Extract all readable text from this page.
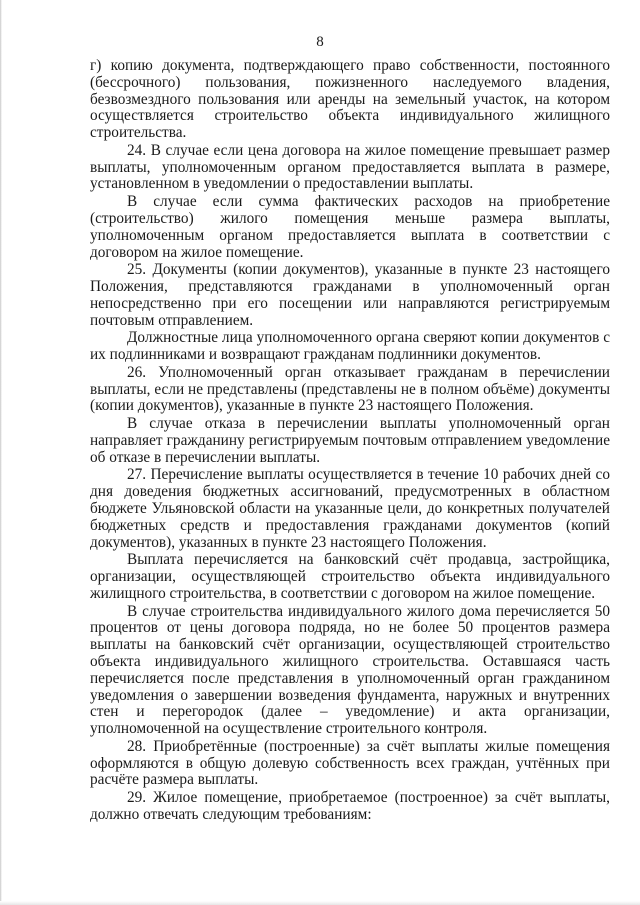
8

г) копию документа, подтверждающего право собственности, постоянного (бессрочного) пользования, пожизненного наследуемого владения, безвозмездного пользования или аренды на земельный участок, на котором осуществляется строительство объекта индивидуального жилищного строительства.

24. В случае если цена договора на жилое помещение превышает размер выплаты, уполномоченным органом предоставляется выплата в размере, установленном в уведомлении о предоставлении выплаты.

В случае если сумма фактических расходов на приобретение (строительство) жилого помещения меньше размера выплаты, уполномоченным органом предоставляется выплата в соответствии с договором на жилое помещение.

25. Документы (копии документов), указанные в пункте 23 настоящего Положения, представляются гражданами в уполномоченный орган непосредственно при его посещении или направляются регистрируемым почтовым отправлением.

Должностные лица уполномоченного органа сверяют копии документов с их подлинниками и возвращают гражданам подлинники документов.

26. Уполномоченный орган отказывает гражданам в перечислении выплаты, если не представлены (представлены не в полном объёме) документы (копии документов), указанные в пункте 23 настоящего Положения.

В случае отказа в перечислении выплаты уполномоченный орган направляет гражданину регистрируемым почтовым отправлением уведомление об отказе в перечислении выплаты.

27. Перечисление выплаты осуществляется в течение 10 рабочих дней со дня доведения бюджетных ассигнований, предусмотренных в областном бюджете Ульяновской области на указанные цели, до конкретных получателей бюджетных средств и предоставления гражданами документов (копий документов), указанных в пункте 23 настоящего Положения.

Выплата перечисляется на банковский счёт продавца, застройщика, организации, осуществляющей строительство объекта индивидуального жилищного строительства, в соответствии с договором на жилое помещение.

В случае строительства индивидуального жилого дома перечисляется 50 процентов от цены договора подряда, но не более 50 процентов размера выплаты на банковский счёт организации, осуществляющей строительство объекта индивидуального жилищного строительства. Оставшаяся часть перечисляется после представления в уполномоченный орган гражданином уведомления о завершении возведения фундамента, наружных и внутренних стен и перегородок (далее – уведомление) и акта организации, уполномоченной на осуществление строительного контроля.

28. Приобретённые (построенные) за счёт выплаты жилые помещения оформляются в общую долевую собственность всех граждан, учтённых при расчёте размера выплаты.

29. Жилое помещение, приобретаемое (построенное) за счёт выплаты, должно отвечать следующим требованиям:
